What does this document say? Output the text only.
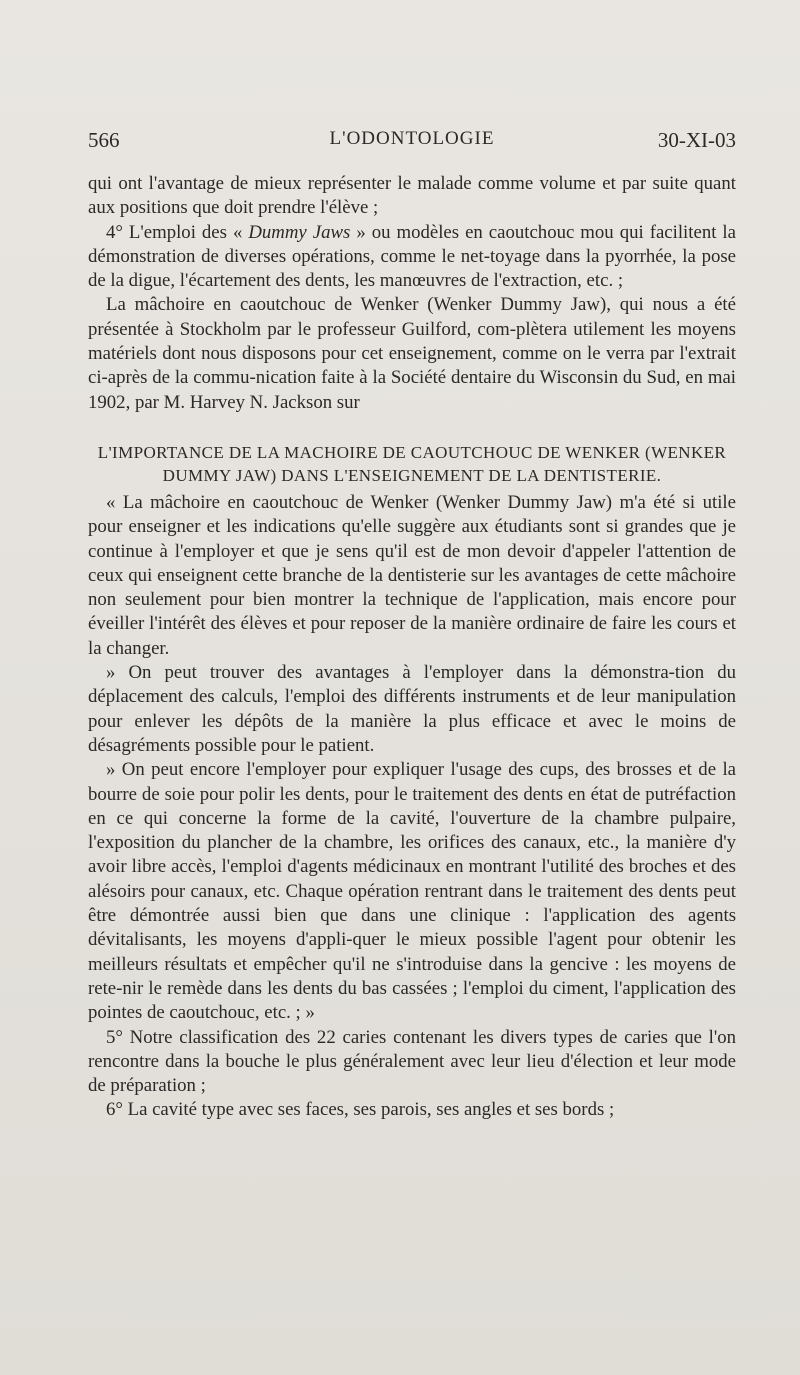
566	L'ODONTOLOGIE	30-XI-03

qui ont l'avantage de mieux représenter le malade comme volume et par suite quant aux positions que doit prendre l'élève ;

4° L'emploi des « Dummy Jaws » ou modèles en caoutchouc mou qui facilitent la démonstration de diverses opérations, comme le net-toyage dans la pyorrhée, la pose de la digue, l'écartement des dents, les manœuvres de l'extraction, etc. ;

La mâchoire en caoutchouc de Wenker (Wenker Dummy Jaw), qui nous a été présentée à Stockholm par le professeur Guilford, com-plètera utilement les moyens matériels dont nous disposons pour cet enseignement, comme on le verra par l'extrait ci-après de la commu-nication faite à la Société dentaire du Wisconsin du Sud, en mai 1902, par M. Harvey N. Jackson sur

L'IMPORTANCE DE LA MACHOIRE DE CAOUTCHOUC DE WENKER (WENKER
DUMMY JAW) DANS L'ENSEIGNEMENT DE LA DENTISTERIE.

« La mâchoire en caoutchouc de Wenker (Wenker Dummy Jaw) m'a été si utile pour enseigner et les indications qu'elle suggère aux étudiants sont si grandes que je continue à l'employer et que je sens qu'il est de mon devoir d'appeler l'attention de ceux qui enseignent cette branche de la dentisterie sur les avantages de cette mâchoire non seulement pour bien montrer la technique de l'application, mais encore pour éveiller l'intérêt des élèves et pour reposer de la manière ordinaire de faire les cours et la changer.

» On peut trouver des avantages à l'employer dans la démonstra-tion du déplacement des calculs, l'emploi des différents instruments et de leur manipulation pour enlever les dépôts de la manière la plus efficace et avec le moins de désagréments possible pour le patient.

» On peut encore l'employer pour expliquer l'usage des cups, des brosses et de la bourre de soie pour polir les dents, pour le traitement des dents en état de putréfaction en ce qui concerne la forme de la cavité, l'ouverture de la chambre pulpaire, l'exposition du plancher de la chambre, les orifices des canaux, etc., la manière d'y avoir libre accès, l'emploi d'agents médicinaux en montrant l'utilité des broches et des alésoirs pour canaux, etc. Chaque opération rentrant dans le traitement des dents peut être démontrée aussi bien que dans une clinique : l'application des agents dévitalisants, les moyens d'appli-quer le mieux possible l'agent pour obtenir les meilleurs résultats et empêcher qu'il ne s'introduise dans la gencive : les moyens de rete-nir le remède dans les dents du bas cassées ; l'emploi du ciment, l'application des pointes de caoutchouc, etc. ; »

5° Notre classification des 22 caries contenant les divers types de caries que l'on rencontre dans la bouche le plus généralement avec leur lieu d'élection et leur mode de préparation ;

6° La cavité type avec ses faces, ses parois, ses angles et ses bords ;
